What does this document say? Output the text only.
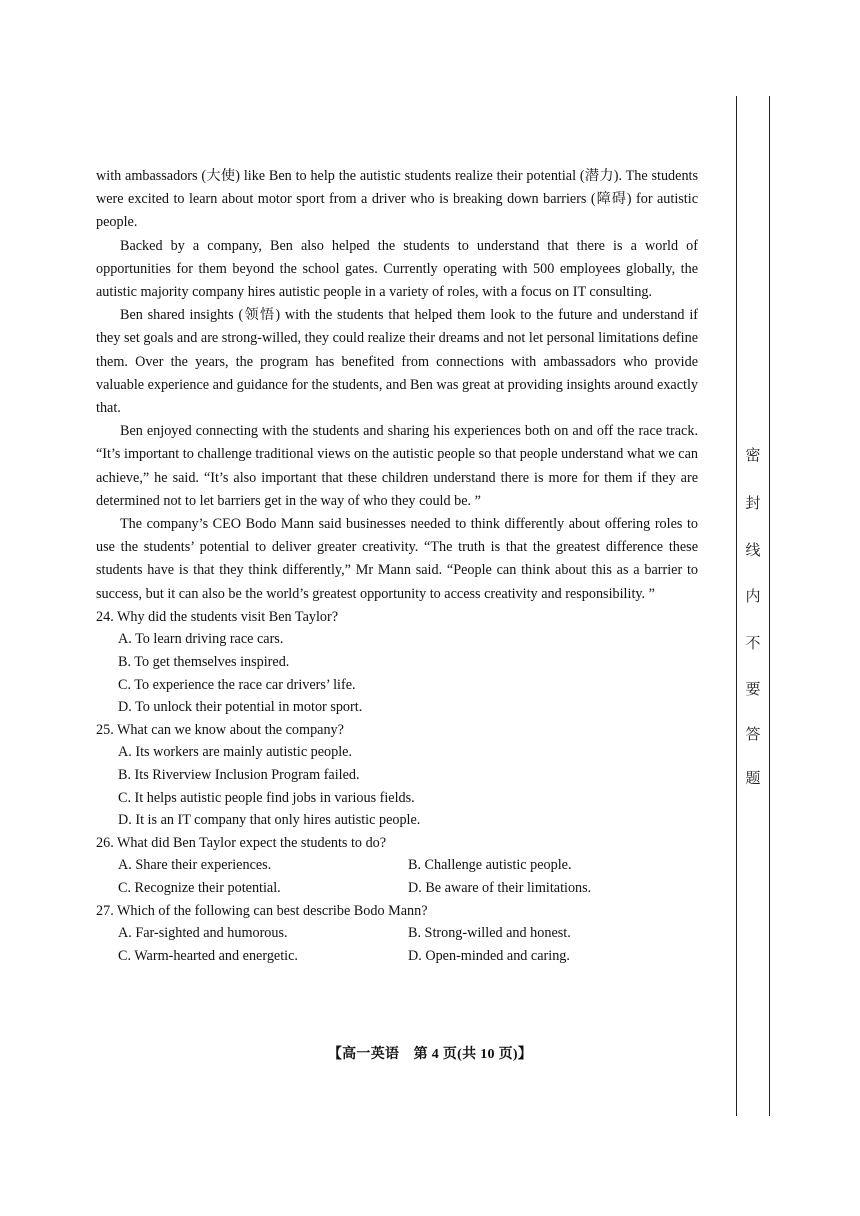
with ambassadors (大使) like Ben to help the autistic students realize their potential (潜力). The students were excited to learn about motor sport from a driver who is breaking down barriers (障碍) for autistic people.

Backed by a company, Ben also helped the students to understand that there is a world of opportunities for them beyond the school gates. Currently operating with 500 employees globally, the autistic majority company hires autistic people in a variety of roles, with a focus on IT consulting.

Ben shared insights (领悟) with the students that helped them look to the future and understand if they set goals and are strong-willed, they could realize their dreams and not let personal limitations define them. Over the years, the program has benefited from connections with ambassadors who provide valuable experience and guidance for the students, and Ben was great at providing insights around exactly that.

Ben enjoyed connecting with the students and sharing his experiences both on and off the race track. “It’s important to challenge traditional views on the autistic people so that people understand what we can achieve,” he said. “It’s also important that these children understand there is more for them if they are determined not to let barriers get in the way of who they could be. ”

The company’s CEO Bodo Mann said businesses needed to think differently about offering roles to use the students’ potential to deliver greater creativity. “The truth is that the greatest difference these students have is that they think differently,” Mr Mann said. “People can think about this as a barrier to success, but it can also be the world’s greatest opportunity to access creativity and responsibility. ”

24. Why did the students visit Ben Taylor?

A. To learn driving race cars.
B. To get themselves inspired.
C. To experience the race car drivers’ life.
D. To unlock their potential in motor sport.

25. What can we know about the company?

A. Its workers are mainly autistic people.
B. Its Riverview Inclusion Program failed.
C. It helps autistic people find jobs in various fields.
D. It is an IT company that only hires autistic people.

26. What did Ben Taylor expect the students to do?

A. Share their experiences.	B. Challenge autistic people.
C. Recognize their potential.	D. Be aware of their limitations.

27. Which of the following can best describe Bodo Mann?

A. Far-sighted and humorous.	B. Strong-willed and honest.
C. Warm-hearted and energetic.	D. Open-minded and caring.
【高一英语　第 4 页(共 10 页)】
密
封
线
内
不
要
答
题
